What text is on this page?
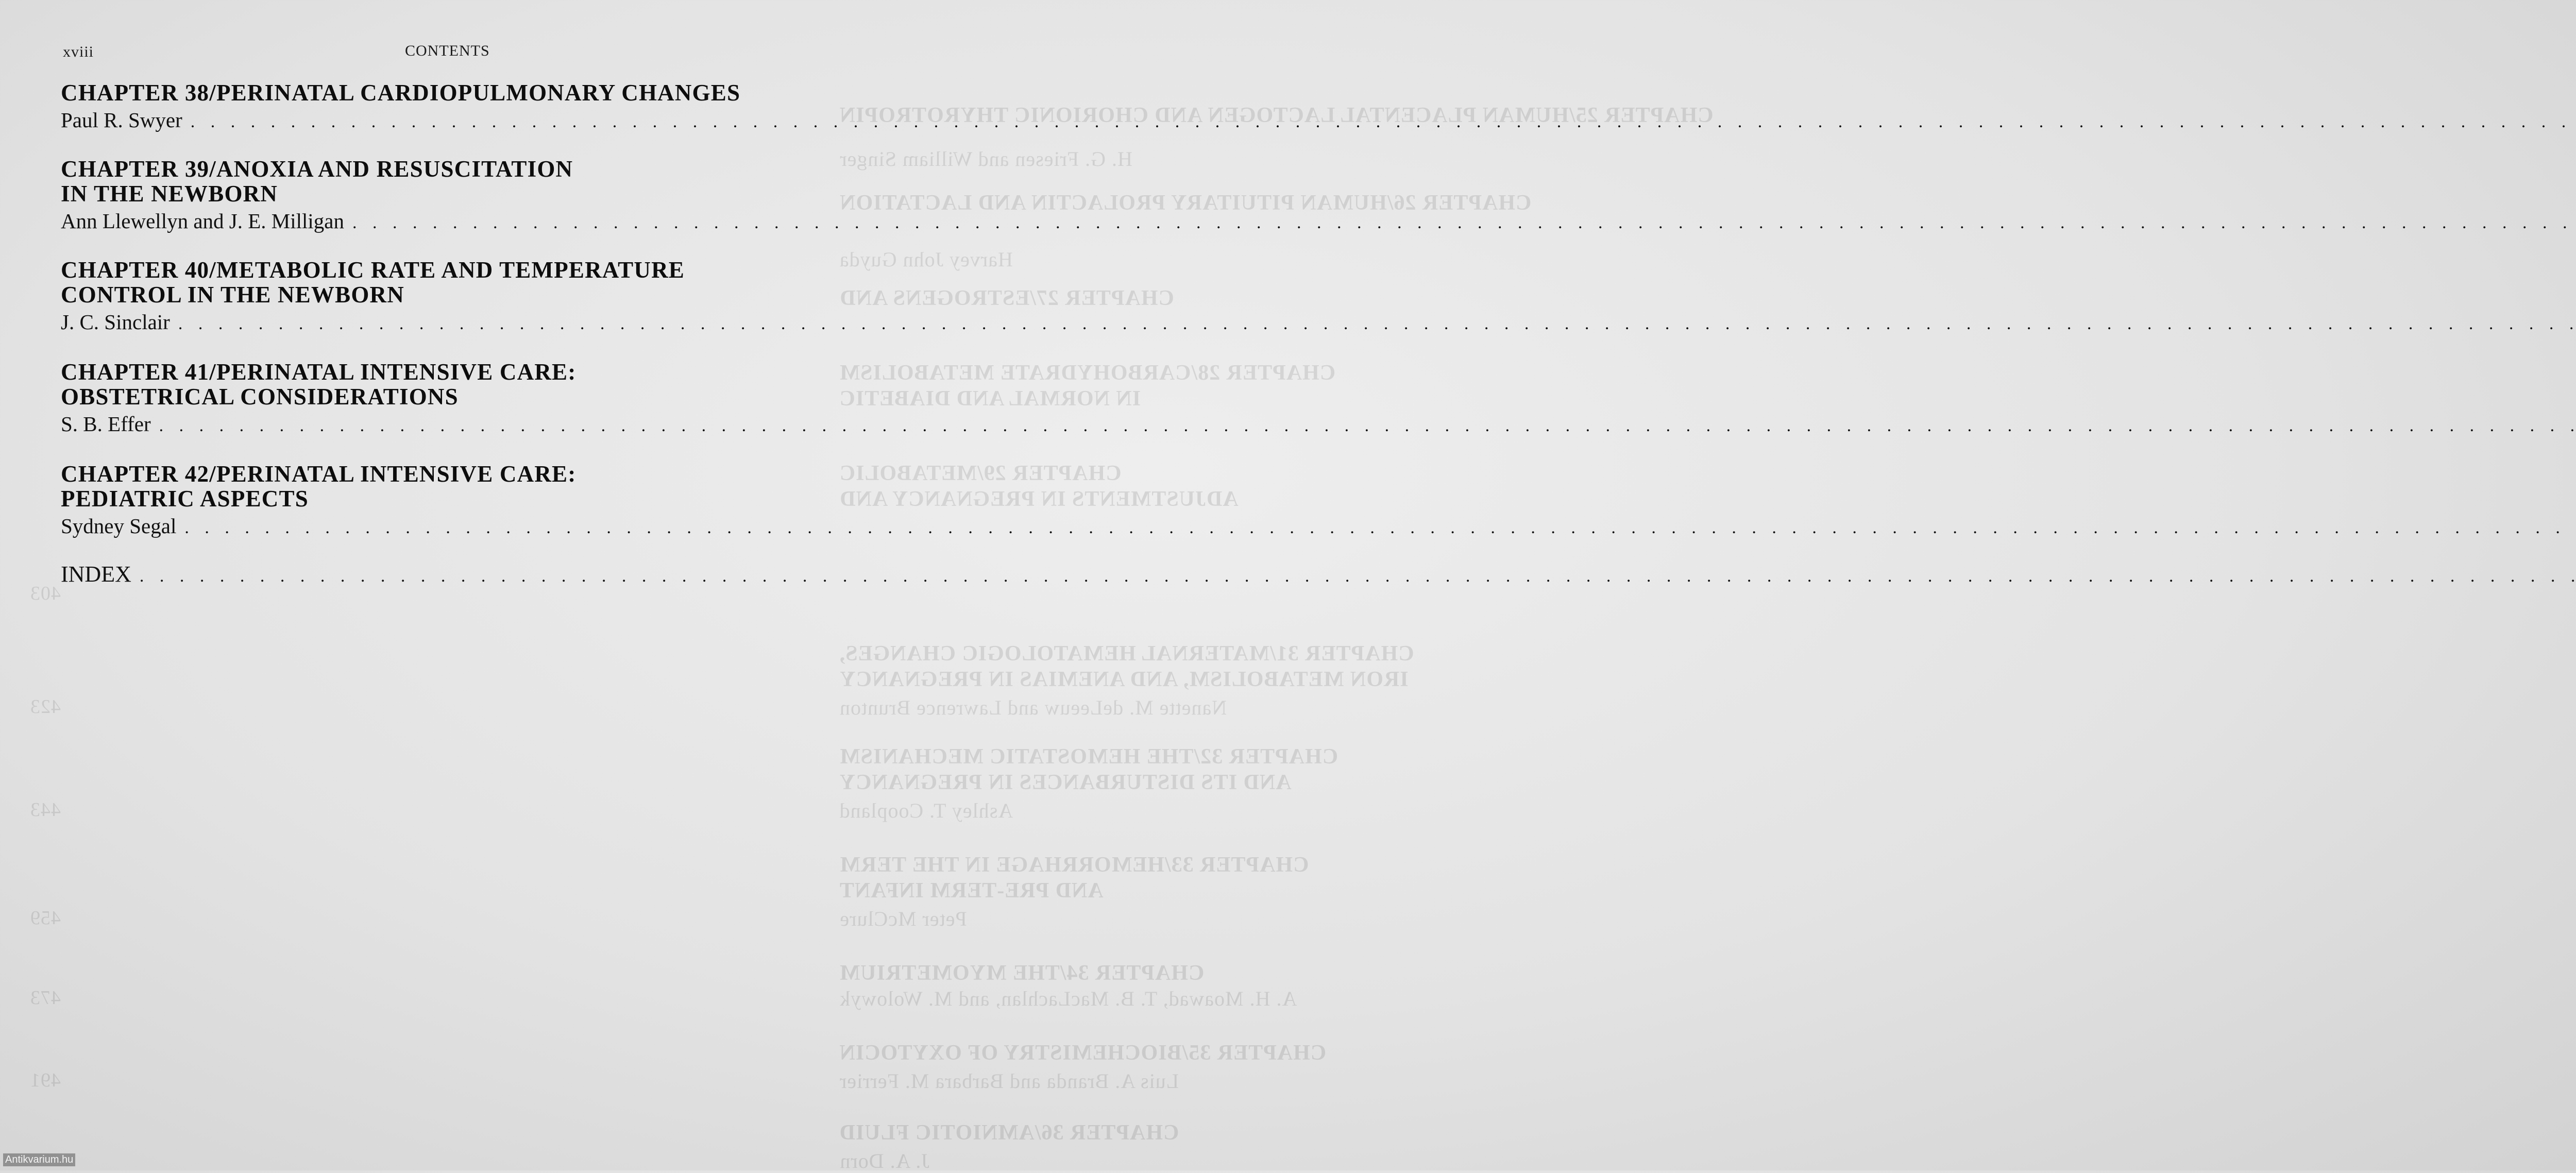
CHAPTER 25/HUMAN PLACENTAL LACTOGEN AND CHORIONIC THYROTROPIN
H. G. Friesen and William Singer
CHAPTER 26/HUMAN PITUITARY PROLACTIN AND LACTATION
Harvey John Guyda
CHAPTER 27/ESTROGENS AND
CHAPTER 28/CARBOHYDRATE METABOLISM
IN NORMAL AND DIABETIC
CHAPTER 29/METABOLIC
ADJUSTMENTS IN PREGNANCY AND
CHAPTER 31/MATERNAL HEMATOLOGIC CHANGES,
IRON METABOLISM, AND ANEMIAS IN PREGNANCY
Nanette M. deLeeuw and Lawrence Brunton
CHAPTER 32/THE HEMOSTATIC MECHANISM
AND ITS DISTURBANCES IN PREGNANCY
Ashley T. Coopland
CHAPTER 33/HEMORRHAGE IN THE TERM
AND PRE-TERM INFANT
Peter McClure
CHAPTER 34/THE MYOMETRIUM
A. H. Moawad, T. B. MacLachlan, and M. Wolowyk
CHAPTER 35/BIOCHEMISTRY OF OXYTOCIN
Luis A. Branda and Barbara M. Ferrier
CHAPTER 36/AMNIOTIC FLUID
J. A. Dorn
403
423
443
459
473
491
xviii	CONTENTS
CHAPTER 38/PERINATAL CARDIOPULMONARY CHANGES
Paul R. Swyer
. . .
CHAPTER 39/ANOXIA AND RESUSCITATION
IN THE NEWBORN
Ann Llewellyn and J. E. Milligan
. . .
CHAPTER 40/METABOLIC RATE AND TEMPERATURE
CONTROL IN THE NEWBORN
J. C. Sinclair
. . .
CHAPTER 41/PERINATAL INTENSIVE CARE:
OBSTETRICAL CONSIDERATIONS
S. B. Effer
. . .
CHAPTER 42/PERINATAL INTENSIVE CARE:
PEDIATRIC ASPECTS
Sydney Segal
. . .
INDEX
. . .
Antikvarium.hu
